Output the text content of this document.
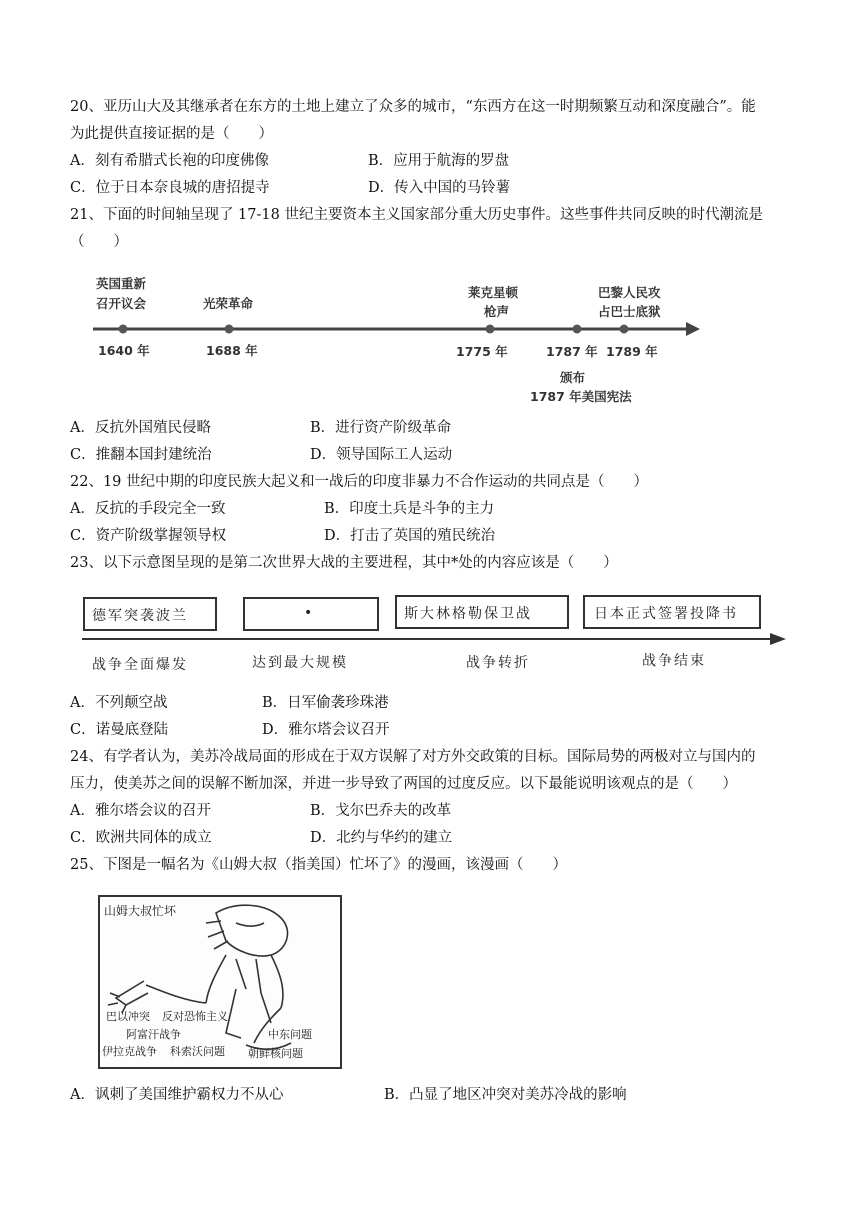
20、亚历山大及其继承者在东方的土地上建立了众多的城市，“东西方在这一时期频繁互动和深度融合”。能
为此提供直接证据的是（　　）
A．刻有希腊式长袍的印度佛像	B．应用于航海的罗盘
C．位于日本奈良城的唐招提寺	D．传入中国的马铃薯
21、下面的时间轴呈现了 17-18 世纪主要资本主义国家部分重大历史事件。这些事件共同反映的时代潮流是
（　　）
英国重新
召开议会
1640 年
光荣革命
1688 年
莱克星顿
枪声
1775 年	1787 年
巴黎人民攻
占巴士底狱
1789 年
颁布
1787 年美国宪法
A．反抗外国殖民侵略	B．进行资产阶级革命
C．推翻本国封建统治	D．领导国际工人运动
22、19 世纪中期的印度民族大起义和一战后的印度非暴力不合作运动的共同点是（　　）
A．反抗的手段完全一致	B．印度土兵是斗争的主力
C．资产阶级掌握领导权	D．打击了英国的殖民统治
23、以下示意图呈现的是第二次世界大战的主要进程，其中*处的内容应该是（　　）
德军突袭波兰	•	斯大林格勒保卫战	日本正式签署投降书
战争全面爆发	达到最大规模	战争转折	战争结束
A．不列颠空战	B．日军偷袭珍珠港
C．诺曼底登陆	D．雅尔塔会议召开
24、有学者认为，美苏冷战局面的形成在于双方误解了对方外交政策的目标。国际局势的两极对立与国内的
压力，使美苏之间的误解不断加深，并进一步导致了两国的过度反应。以下最能说明该观点的是（　　）
A．雅尔塔会议的召开	B．戈尔巴乔夫的改革
C．欧洲共同体的成立	D．北约与华约的建立
25、下图是一幅名为《山姆大叔（指美国）忙坏了》的漫画，该漫画（　　）
山姆大叔忙坏
巴以冲突 反对恐怖主义
阿富汗战争	中东问题
伊拉克战争 科索沃问题 朝鲜核问题
A．讽刺了美国维护霸权力不从心	B．凸显了地区冲突对美苏冷战的影响
